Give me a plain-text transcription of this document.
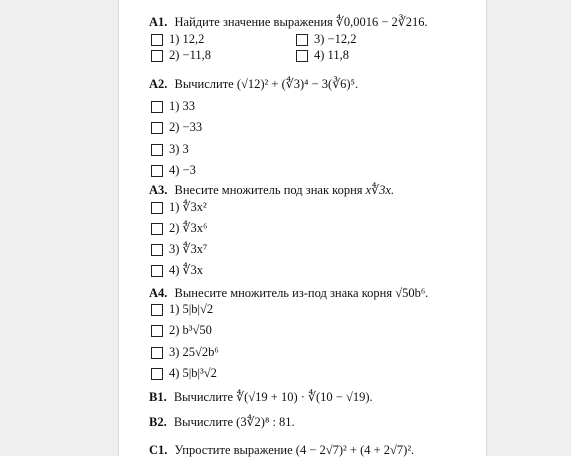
A1. Найдите значение выражения ∜0,0016 − 2∛216.
1)
12,2
2)
−11,8
3)
−12,2
4)
11,8
A2. Вычислите (√12)² + (∜3)⁴ − 3(∛6)⁵.
1)
33
2)
−33
3)
3
4)
−3
A3. Внесите множитель под знак корня x∜3x.
1)
∜3x²
2)
∜3x⁶
3)
∜3x⁷
4)
∜3x
A4. Вынесите множитель из-под знака корня √50b⁶.
1)
5|b|√2
2)
b³√50
3)
25√2b⁶
4)
5|b|³√2
B1. Вычислите ∜(√19 + 10) · ∜(10 − √19).
B2. Вычислите (3∜2)⁸ : 81.
C1. Упростите выражение (4 − 2√7)² + (4 + 2√7)².
